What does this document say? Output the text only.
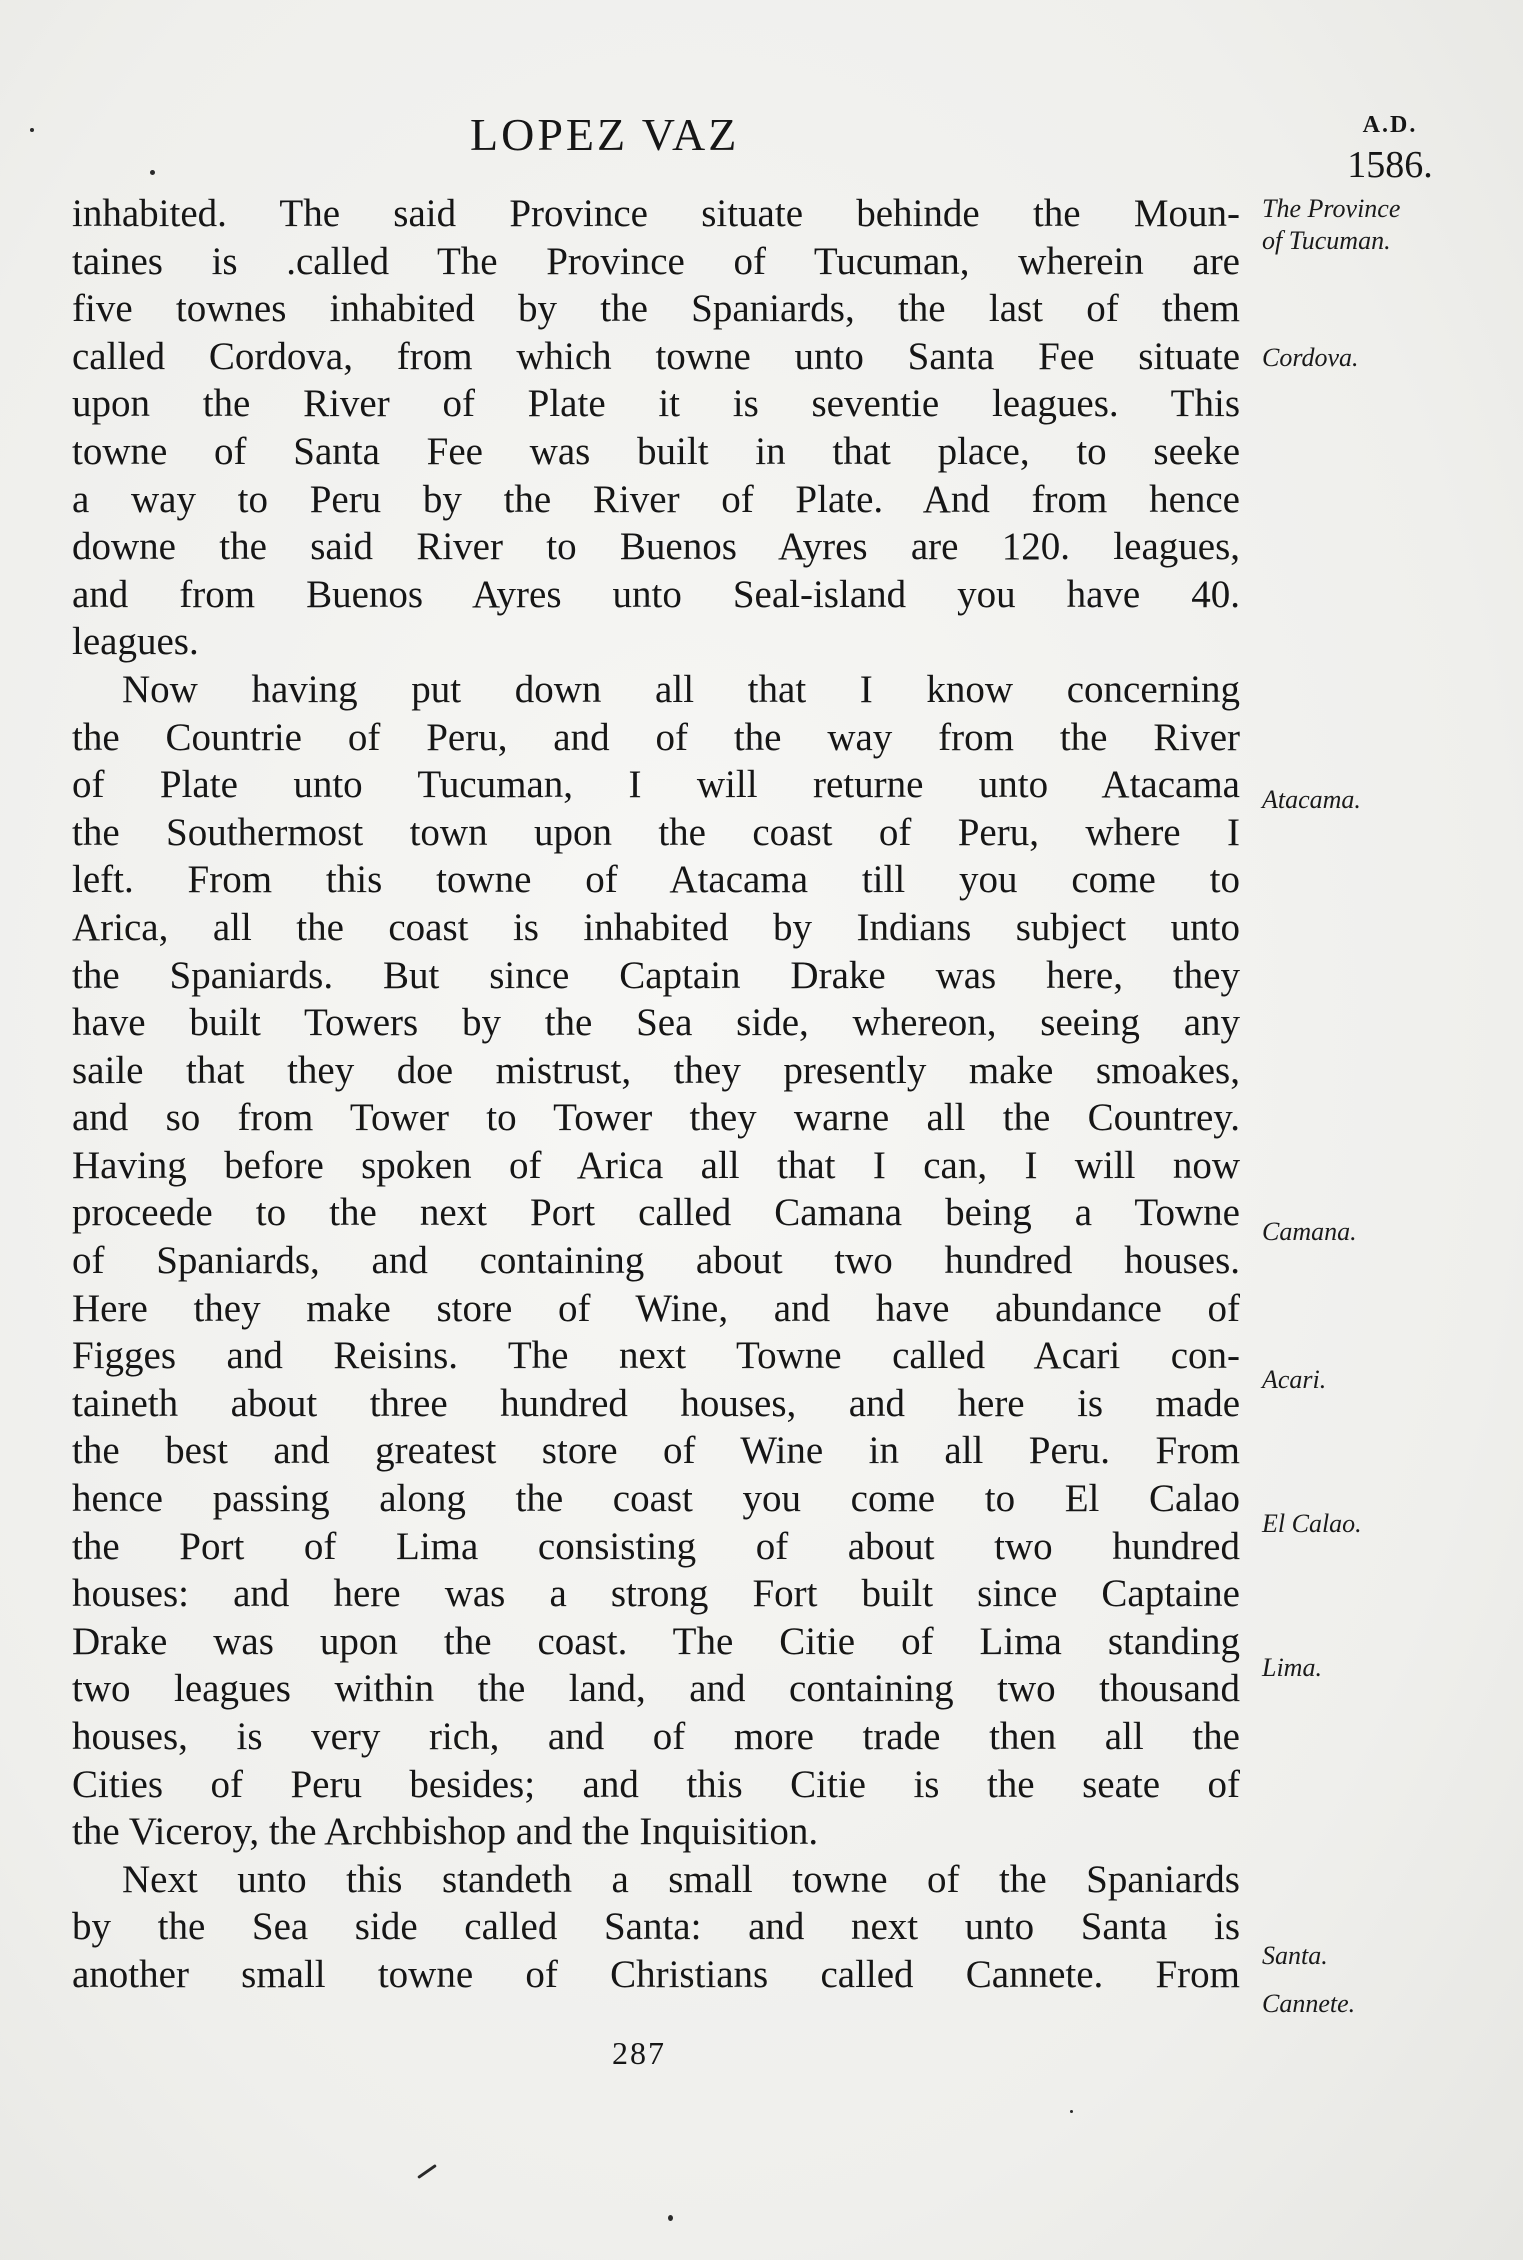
LOPEZ VAZ	A.D.
1586.
inhabited. The said Province situate behinde the Moun-
taines is .called The Province of Tucuman, wherein are
five townes inhabited by the Spaniards, the last of them
called Cordova, from which towne unto Santa Fee situate
upon the River of Plate it is seventie leagues. This
towne of Santa Fee was built in that place, to seeke
a way to Peru by the River of Plate. And from hence
downe the said River to Buenos Ayres are 120. leagues,
and from Buenos Ayres unto Seal-island you have 40.
leagues.
Now having put down all that I know concerning
the Countrie of Peru, and of the way from the River
of Plate unto Tucuman, I will returne unto Atacama
the Southermost town upon the coast of Peru, where I
left. From this towne of Atacama till you come to
Arica, all the coast is inhabited by Indians subject unto
the Spaniards. But since Captain Drake was here, they
have built Towers by the Sea side, whereon, seeing any
saile that they doe mistrust, they presently make smoakes,
and so from Tower to Tower they warne all the Countrey.
Having before spoken of Arica all that I can, I will now
proceede to the next Port called Camana being a Towne
of Spaniards, and containing about two hundred houses.
Here they make store of Wine, and have abundance of
Figges and Reisins. The next Towne called Acari con-
taineth about three hundred houses, and here is made
the best and greatest store of Wine in all Peru. From
hence passing along the coast you come to El Calao
the Port of Lima consisting of about two hundred
houses: and here was a strong Fort built since Captaine
Drake was upon the coast. The Citie of Lima standing
two leagues within the land, and containing two thousand
houses, is very rich, and of more trade then all the
Cities of Peru besides; and this Citie is the seate of
the Viceroy, the Archbishop and the Inquisition.
Next unto this standeth a small towne of the Spaniards
by the Sea side called Santa: and next unto Santa is
another small towne of Christians called Cannete. From
The Province
of Tucuman.
Cordova.
Atacama.
Camana.
Acari.
El Calao.
Lima.
Santa.
Cannete.
287
